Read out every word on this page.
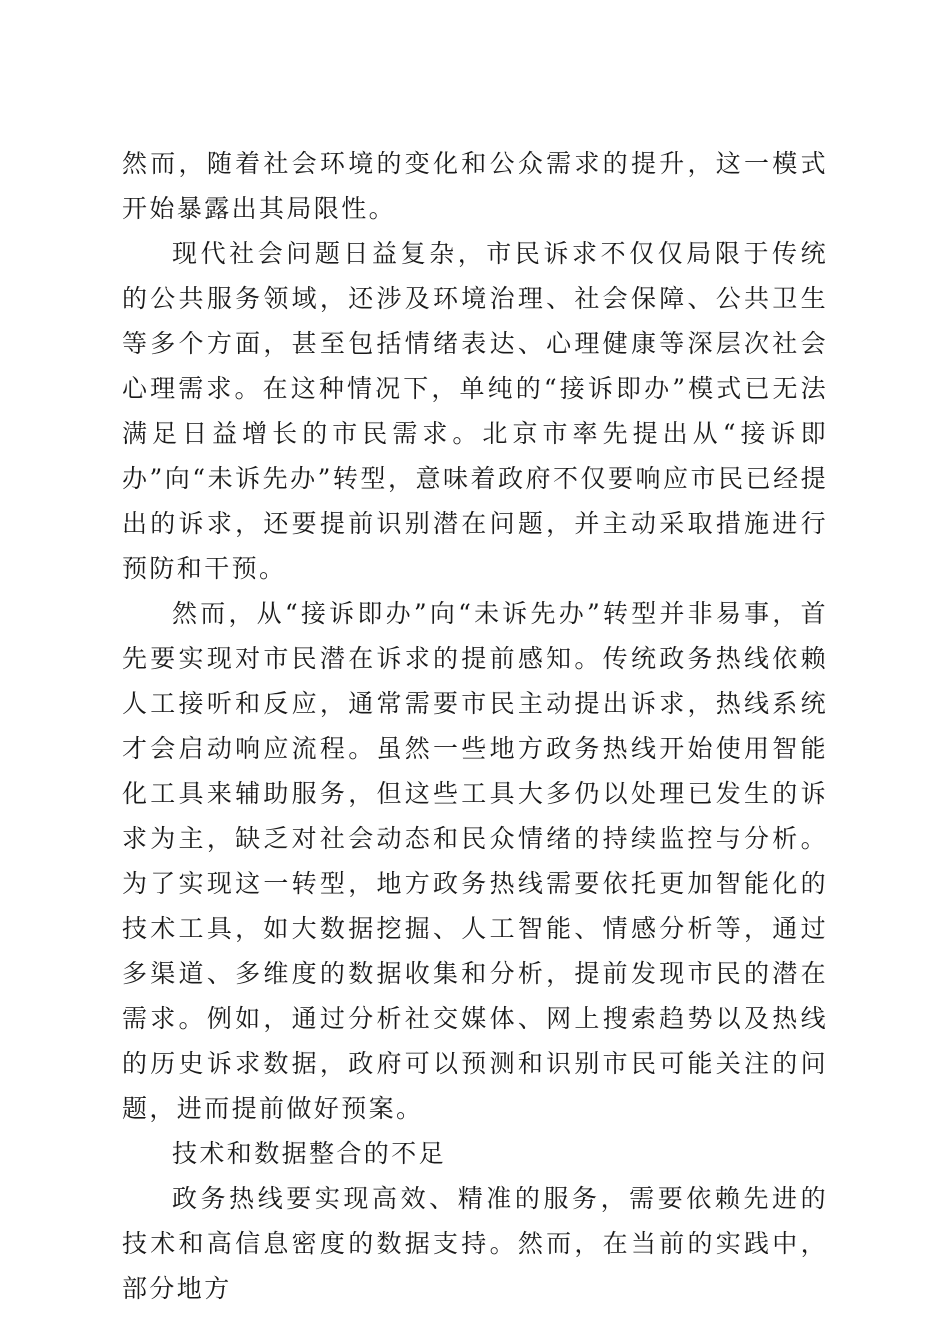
然而，随着社会环境的变化和公众需求的提升，这一模式开始暴露出其局限性。

现代社会问题日益复杂，市民诉求不仅仅局限于传统的公共服务领域，还涉及环境治理、社会保障、公共卫生等多个方面，甚至包括情绪表达、心理健康等深层次社会心理需求。在这种情况下，单纯的“接诉即办”模式已无法满足日益增长的市民需求。北京市率先提出从“接诉即办”向“未诉先办”转型，意味着政府不仅要响应市民已经提出的诉求，还要提前识别潜在问题，并主动采取措施进行预防和干预。

然而，从“接诉即办”向“未诉先办”转型并非易事，首先要实现对市民潜在诉求的提前感知。传统政务热线依赖人工接听和反应，通常需要市民主动提出诉求，热线系统才会启动响应流程。虽然一些地方政务热线开始使用智能化工具来辅助服务，但这些工具大多仍以处理已发生的诉求为主，缺乏对社会动态和民众情绪的持续监控与分析。为了实现这一转型，地方政务热线需要依托更加智能化的技术工具，如大数据挖掘、人工智能、情感分析等，通过多渠道、多维度的数据收集和分析，提前发现市民的潜在需求。例如，通过分析社交媒体、网上搜索趋势以及热线的历史诉求数据，政府可以预测和识别市民可能关注的问题，进而提前做好预案。

技术和数据整合的不足

政务热线要实现高效、精准的服务，需要依赖先进的技术和高信息密度的数据支持。然而，在当前的实践中，部分地方
